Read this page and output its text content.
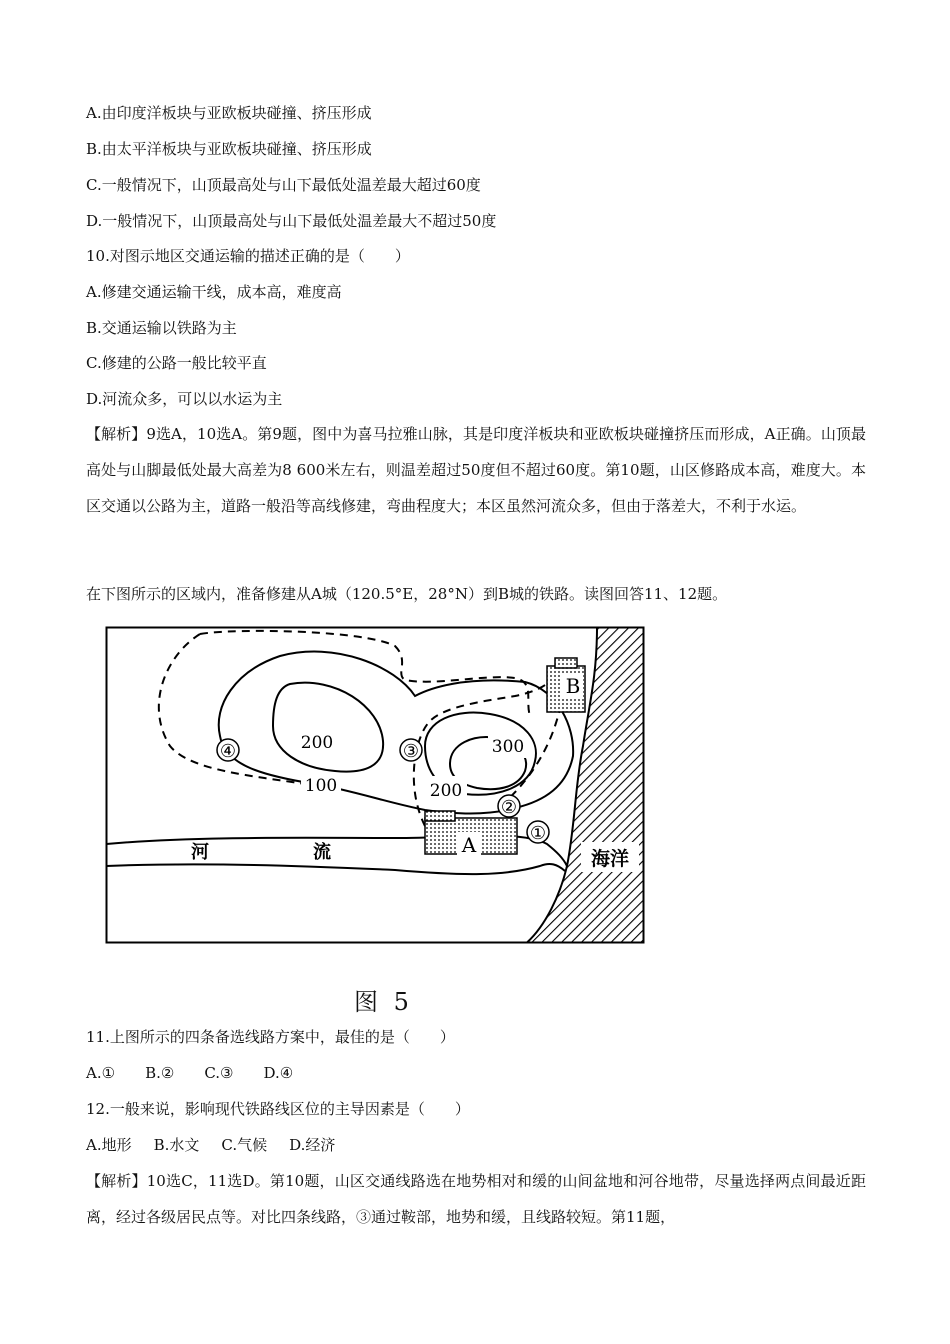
A.由印度洋板块与亚欧板块碰撞、挤压形成
B.由太平洋板块与亚欧板块碰撞、挤压形成
C.一般情况下，山顶最高处与山下最低处温差最大超过60度
D.一般情况下，山顶最高处与山下最低处温差最大不超过50度
10.对图示地区交通运输的描述正确的是（　　）
A.修建交通运输干线，成本高，难度高
B.交通运输以铁路为主
C.修建的公路一般比较平直
D.河流众多，可以以水运为主
【解析】9选A，10选A。第9题，图中为喜马拉雅山脉，其是印度洋板块和亚欧板块碰撞挤压而形成，A正确。山顶最高处与山脚最低处最大高差为8 600米左右，则温差超过50度但不超过60度。第10题，山区修路成本高，难度大。本区交通以公路为主，道路一般沿等高线修建，弯曲程度大；本区虽然河流众多，但由于落差大，不利于水运。
在下图所示的区域内，准备修建从A城（120.5°E，28°N）到B城的铁路。读图回答11、12题。
海洋
河	流
B
A
200
100
300
200
①
②
③
④
图 5
11.上图所示的四条备选线路方案中，最佳的是（　　）
A.① B.② C.③ D.④
12.一般来说，影响现代铁路线区位的主导因素是（　　）
A.地形 B.水文 C.气候 D.经济
【解析】10选C，11选D。第10题，山区交通线路选在地势相对和缓的山间盆地和河谷地带，尽量选择两点间最近距离，经过各级居民点等。对比四条线路，③通过鞍部，地势和缓，且线路较短。第11题，
